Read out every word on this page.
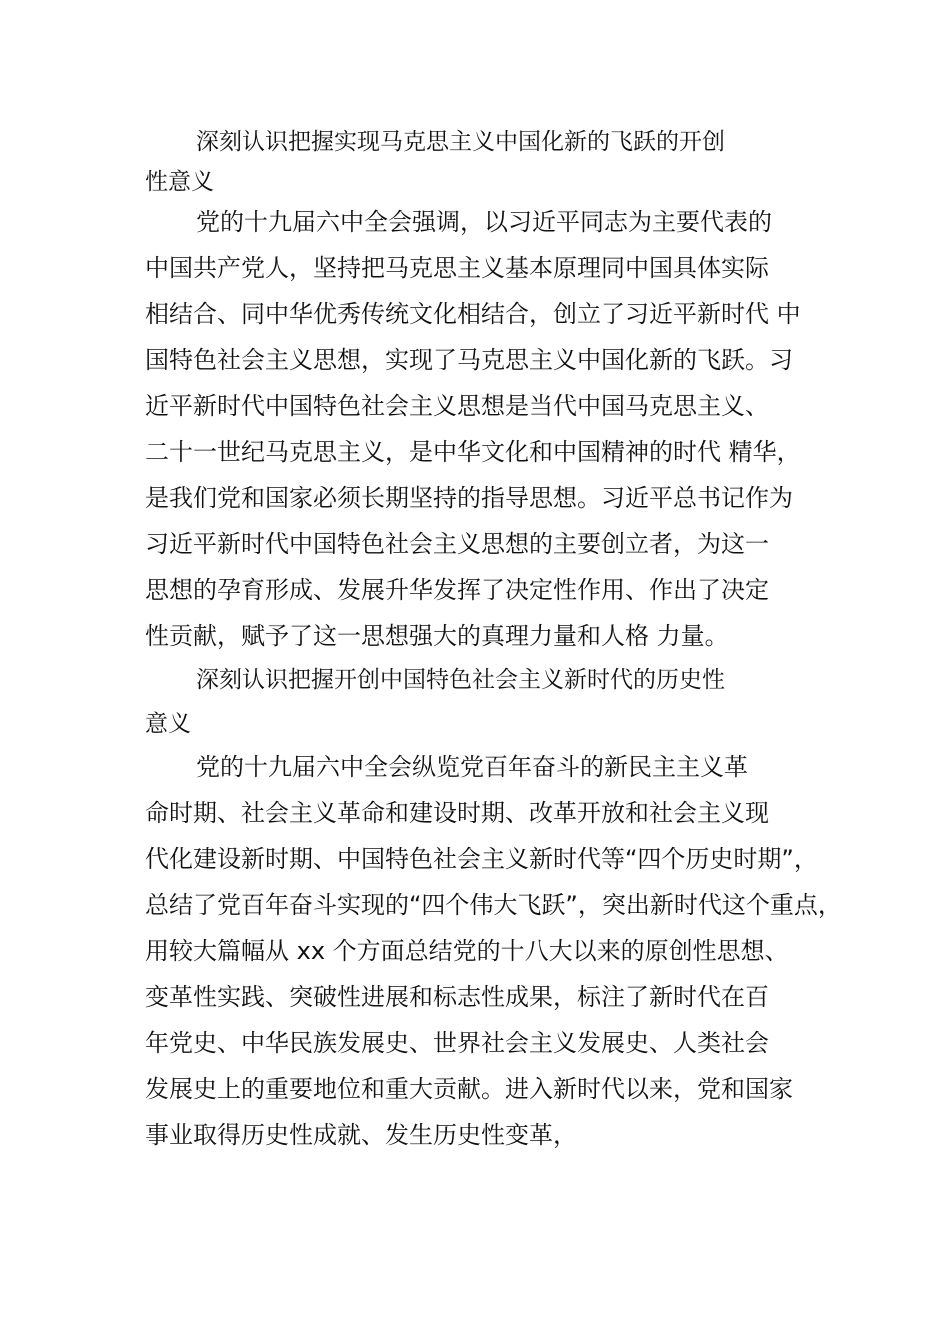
深刻认识把握实现马克思主义中国化新的飞跃的开创

性意义

党的十九届六中全会强调，以习近平同志为主要代表的

中国共产党人，坚持把马克思主义基本原理同中国具体实际

相结合、同中华优秀传统文化相结合，创立了习近平新时代 中

国特色社会主义思想，实现了马克思主义中国化新的飞跃。习

近平新时代中国特色社会主义思想是当代中国马克思主义、

二十一世纪马克思主义，是中华文化和中国精神的时代 精华，

是我们党和国家必须长期坚持的指导思想。习近平总书记作为

习近平新时代中国特色社会主义思想的主要创立者，为这一

思想的孕育形成、发展升华发挥了决定性作用、作出了决定

性贡献，赋予了这一思想强大的真理力量和人格 力量。

深刻认识把握开创中国特色社会主义新时代的历史性

意义

党的十九届六中全会纵览党百年奋斗的新民主主义革

命时期、社会主义革命和建设时期、改革开放和社会主义现

代化建设新时期、中国特色社会主义新时代等“四个历史时期”，

总结了党百年奋斗实现的“四个伟大飞跃”，突出新时代这个重点，

用较大篇幅从 xx 个方面总结党的十八大以来的原创性思想、

变革性实践、突破性进展和标志性成果，标注了新时代在百

年党史、中华民族发展史、世界社会主义发展史、人类社会

发展史上的重要地位和重大贡献。进入新时代以来，党和国家

事业取得历史性成就、发生历史性变革，
